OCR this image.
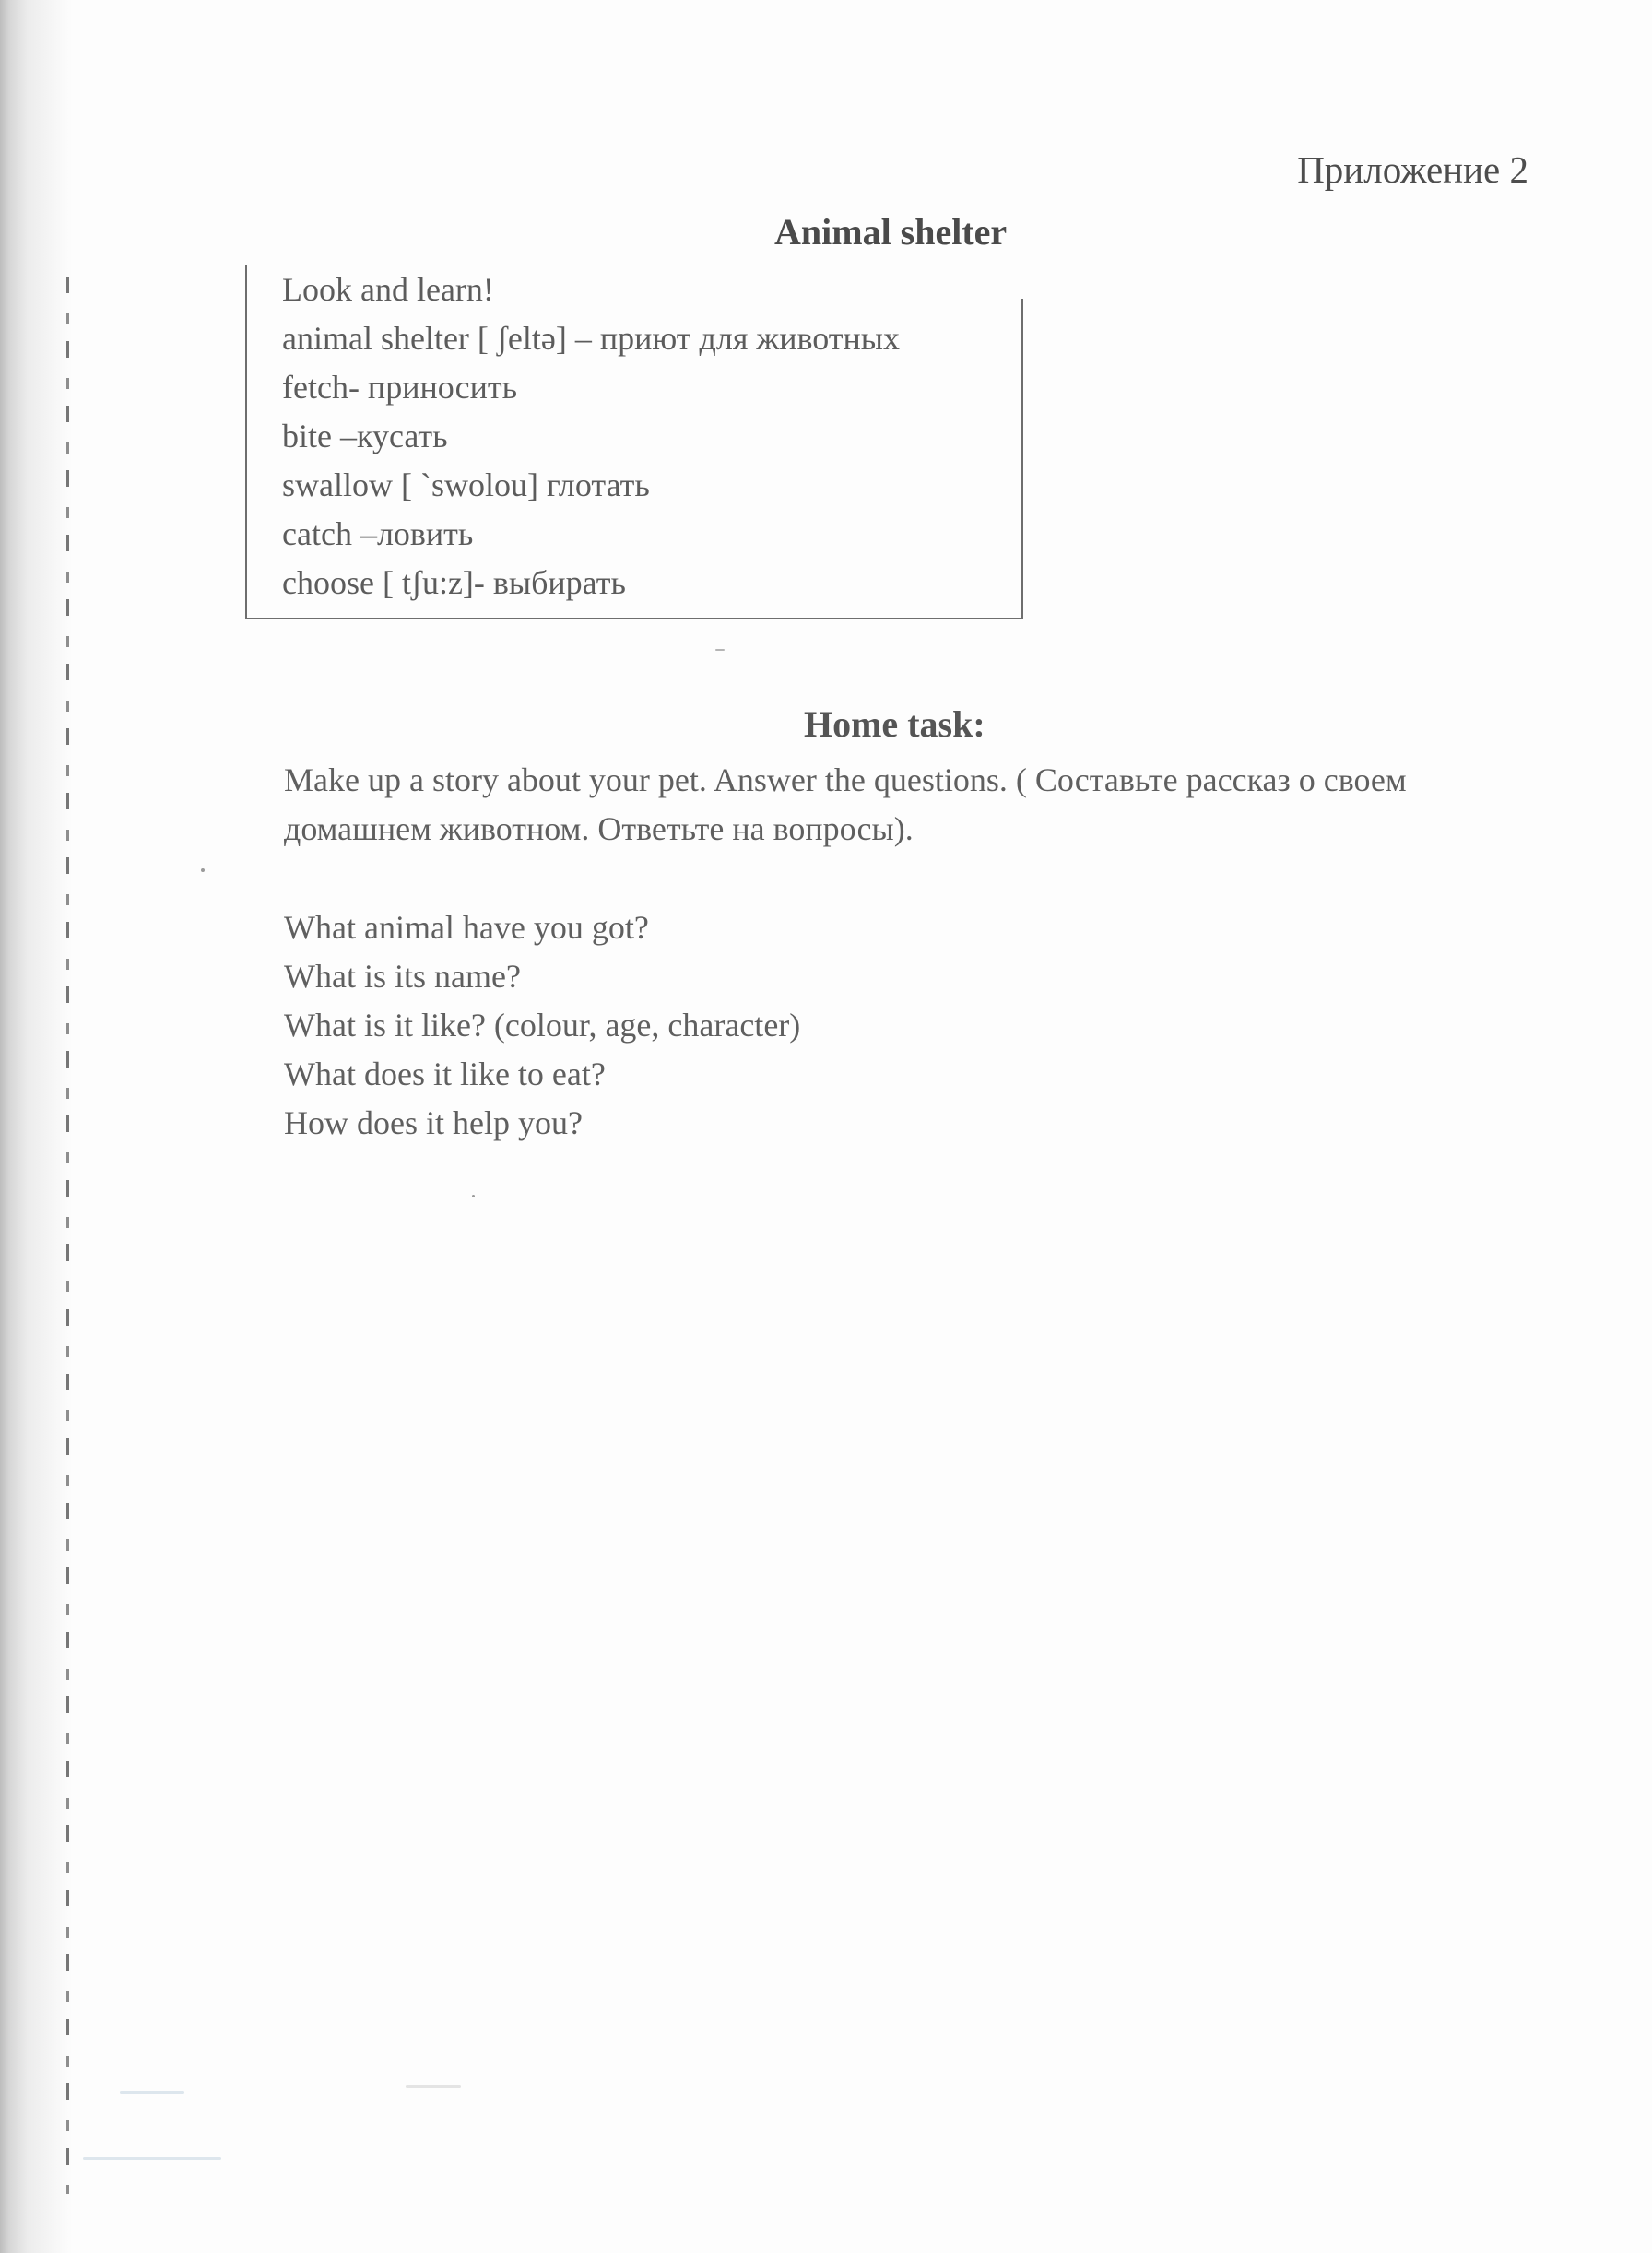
Приложение 2
Animal shelter
Look and learn!
animal shelter [ ʃeltə] – приют для животных
fetch- приносить
bite –кусать
swallow [ `swolou] глотать
catch –ловить
choose [ tʃu:z]- выбирать
Home task:

Make up a story about your pet. Answer the questions. ( Составьте рассказ о своем домашнем животном. Ответьте на вопросы).

What animal have you got?
What is its name?
What is it like? (colour, age, character)
What does it like to eat?
How does it help you?
